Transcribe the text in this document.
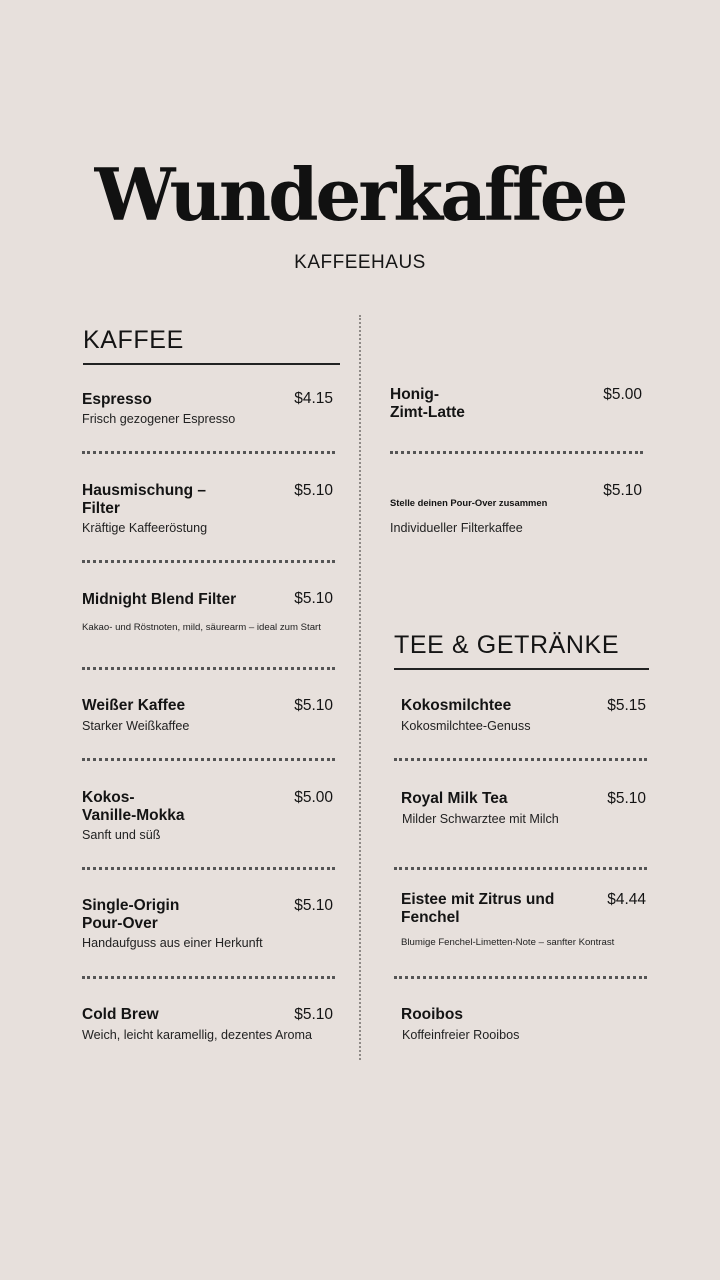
Wunderkaffee
KAFFEEHAUS
KAFFEE
Espresso	$4.15
Frisch gezogener Espresso
Hausmischung –
Filter
$5.10
Kräftige Kaffeeröstung
Midnight Blend Filter	$5.10
Kakao- und Röstnoten, mild, säurearm – ideal zum Start
Weißer Kaffee	$5.10
Starker Weißkaffee
Kokos-
Vanille-Mokka
$5.00
Sanft und süß
Single-Origin
Pour-Over
$5.10
Handaufguss aus einer Herkunft
Cold Brew	$5.10
Weich, leicht karamellig, dezentes Aroma
Honig-
Zimt-Latte
$5.00
Stelle deinen Pour-Over zusammen
$5.10
Individueller Filterkaffee
TEE & GETRÄNKE
Kokosmilchtee	$5.15
Kokosmilchtee-Genuss
Royal Milk Tea	$5.10
Milder Schwarztee mit Milch
Eistee mit Zitrus und
Fenchel
$4.44
Blumige Fenchel-Limetten-Note – sanfter Kontrast
Rooibos
Koffeinfreier Rooibos
